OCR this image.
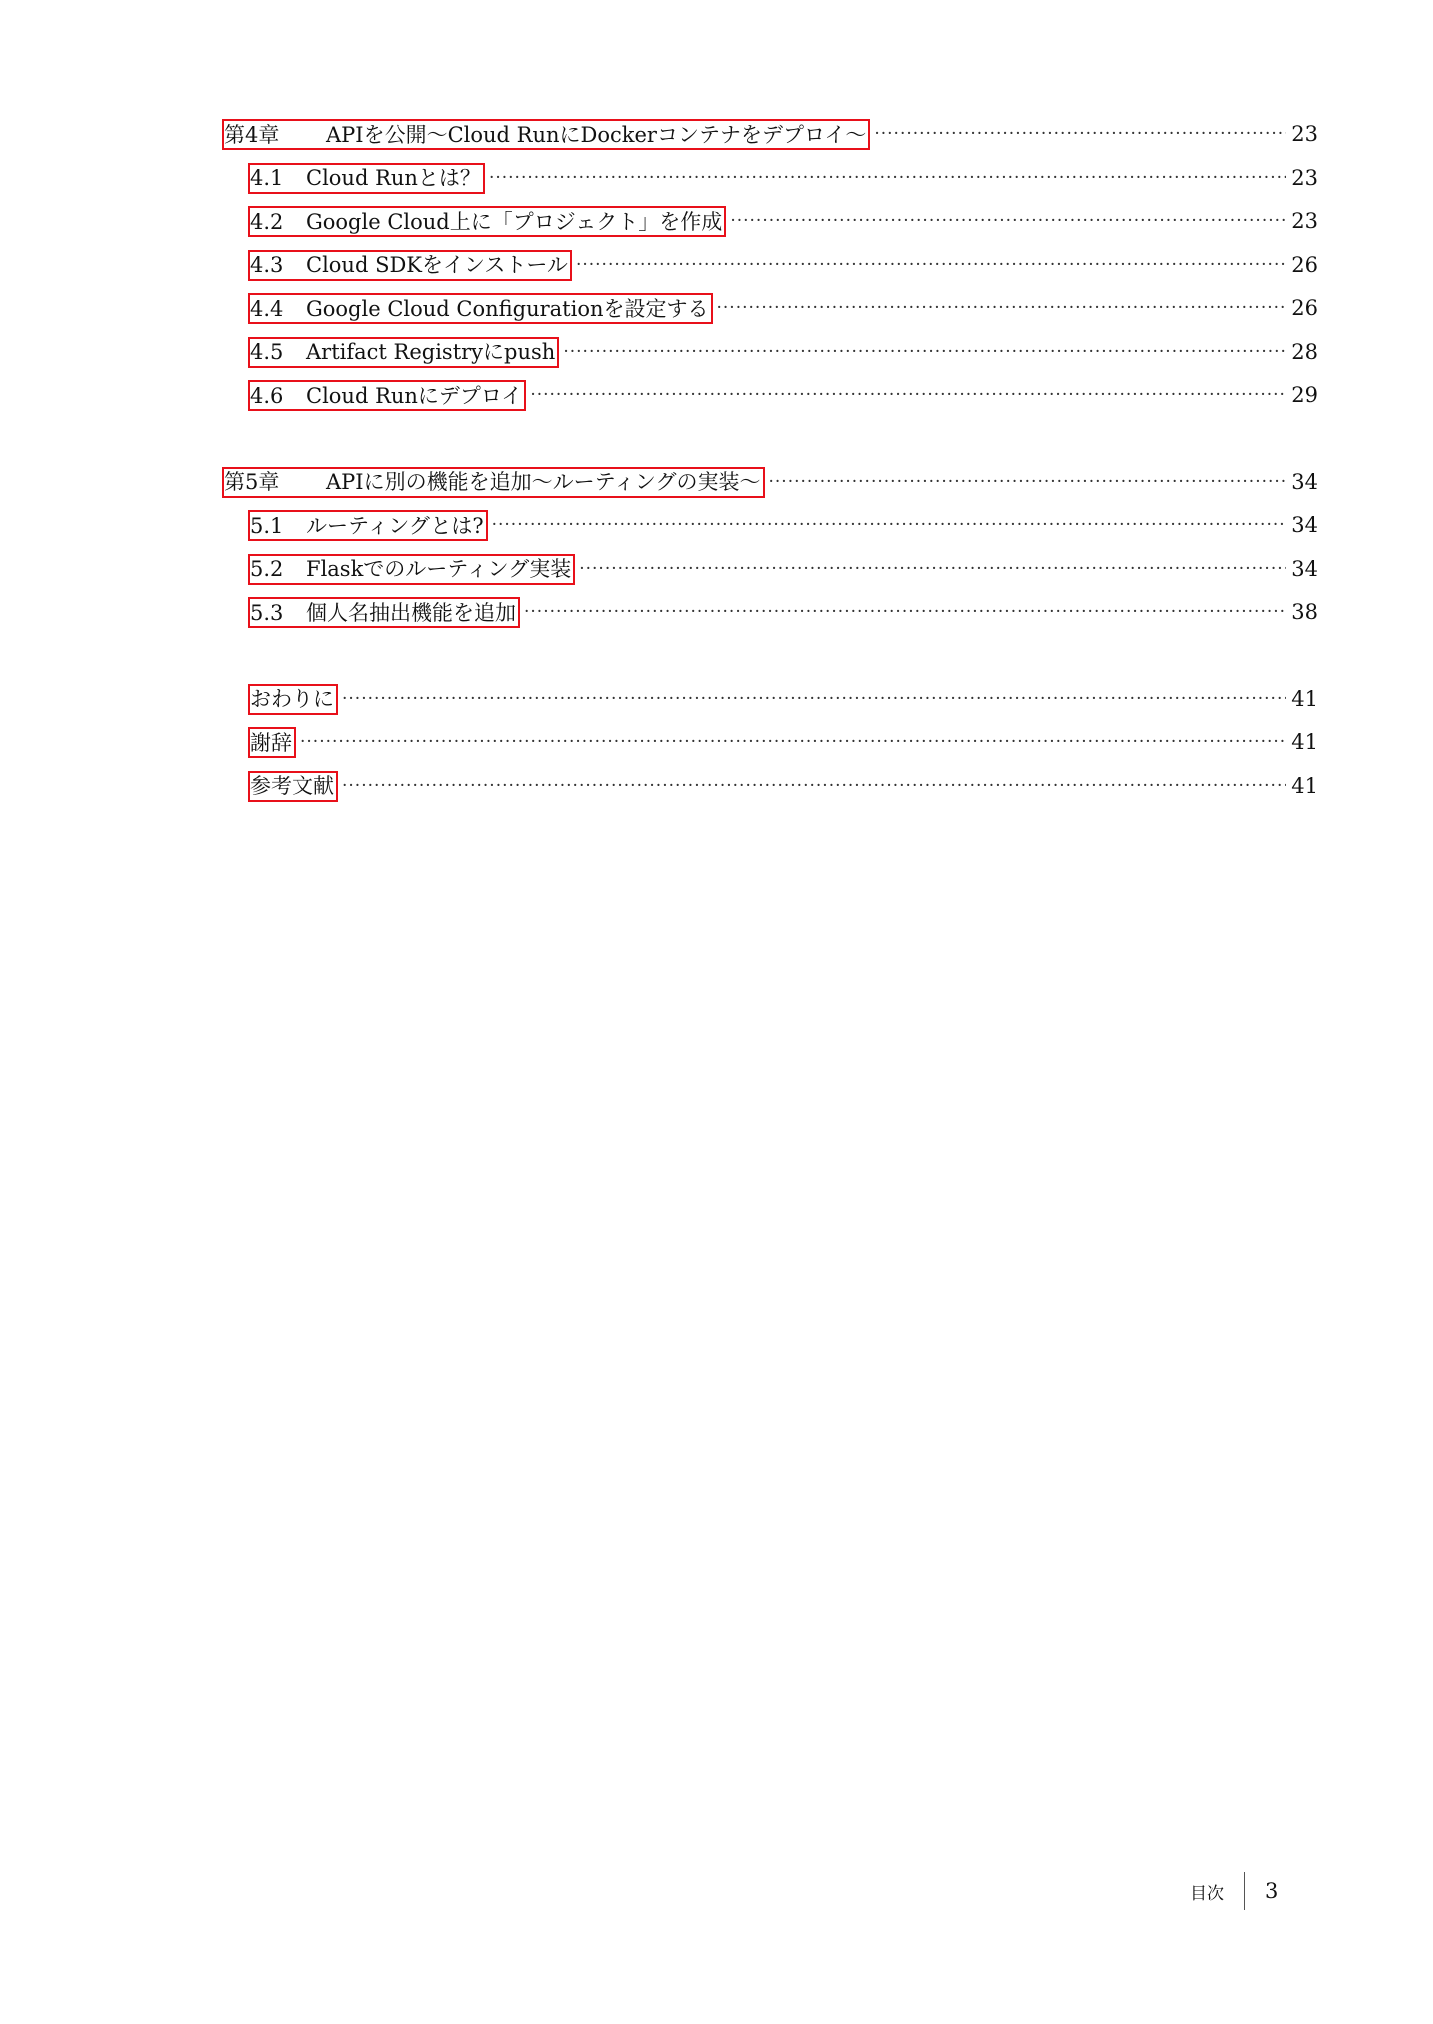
第4章	APIを公開〜Cloud RunにDockerコンテナをデプロイ〜 ·····	23
4.1	Cloud Runとは？ ·····	23
4.2	Google Cloud上に「プロジェクト」を作成 ·····	23
4.3	Cloud SDKをインストール ·····	26
4.4	Google Cloud Configurationを設定する ·····	26
4.5	Artifact Registryにpush ·····	28
4.6	Cloud Runにデプロイ ·····	29
第5章	APIに別の機能を追加〜ルーティングの実装〜 ·····	34
5.1	ルーティングとは? ·····	34
5.2	Flaskでのルーティング実装 ·····	34
5.3	個人名抽出機能を追加 ·····	38
おわりに ·····	41
謝辞 ·····	41
参考文献 ·····	41
目次 3
